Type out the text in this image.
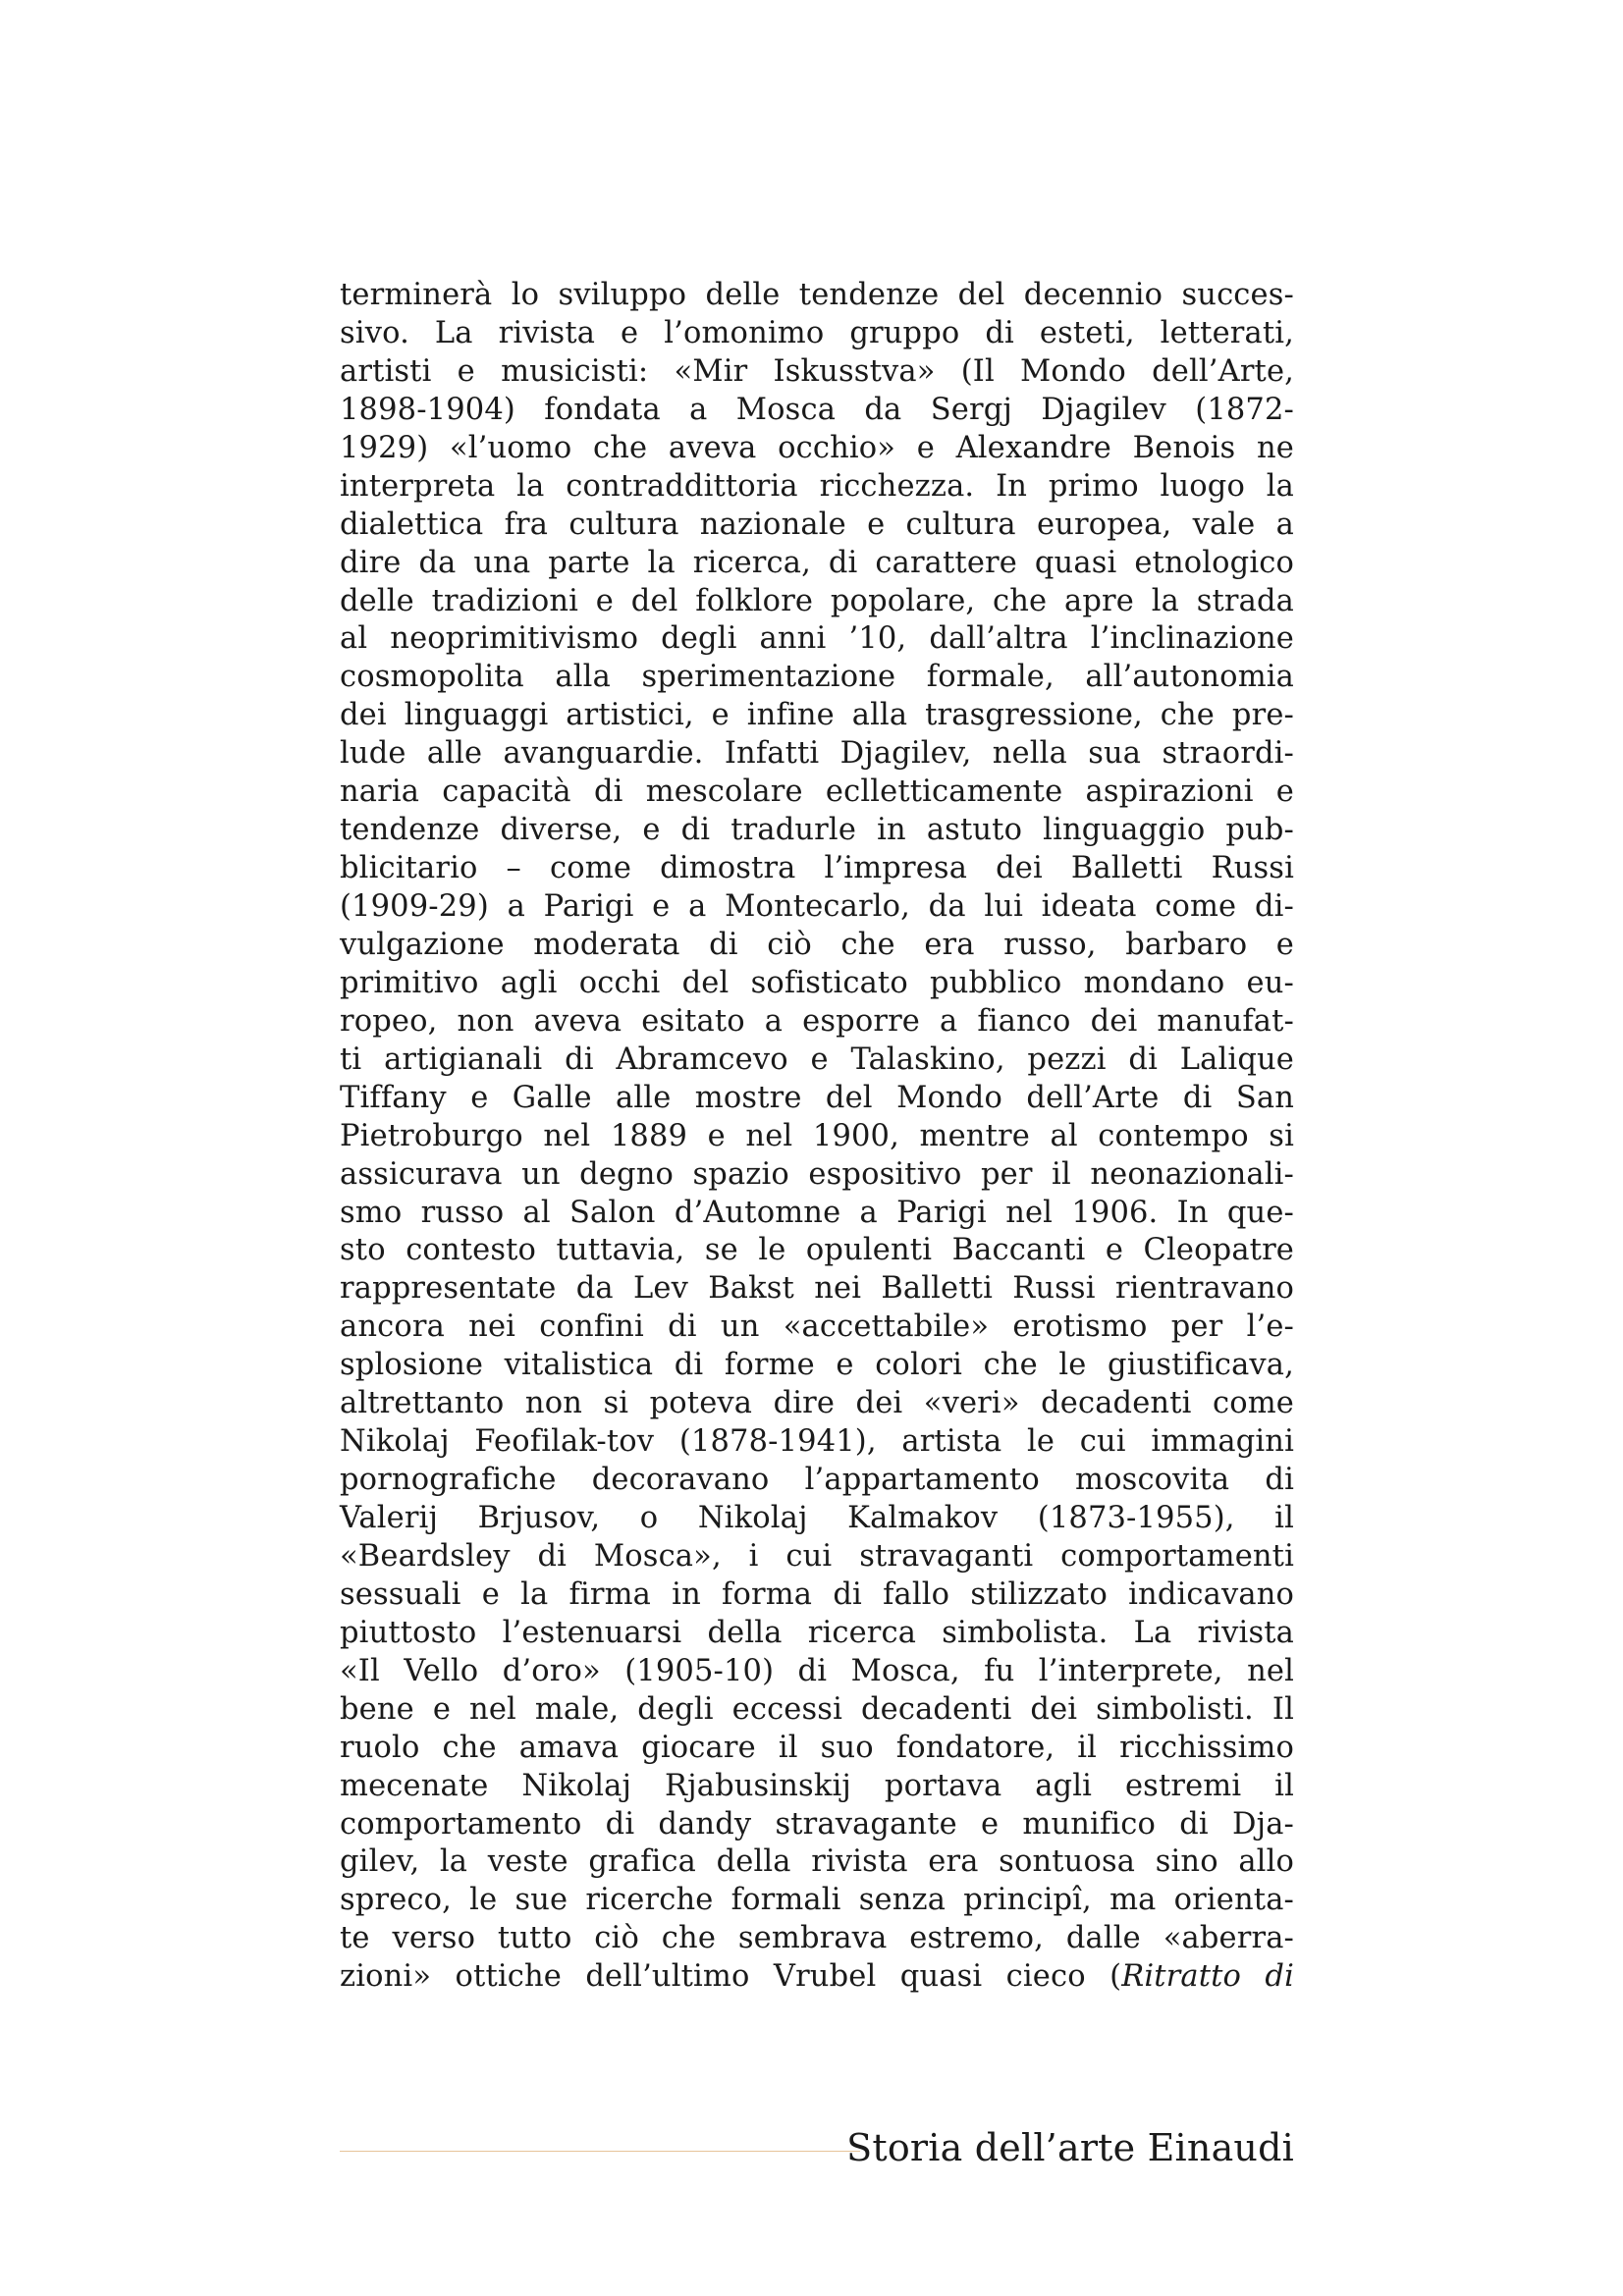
terminerà lo sviluppo delle tendenze del decennio succes-
sivo. La rivista e l’omonimo gruppo di esteti, letterati,
artisti e musicisti: «Mir Iskusstva» (Il Mondo dell’Arte,
1898-1904) fondata a Mosca da Sergj Djagilev (1872-
1929) «l’uomo che aveva occhio» e Alexandre Benois ne
interpreta la contraddittoria ricchezza. In primo luogo la
dialettica fra cultura nazionale e cultura europea, vale a
dire da una parte la ricerca, di carattere quasi etnologico
delle tradizioni e del folklore popolare, che apre la strada
al neoprimitivismo degli anni ’10, dall’altra l’inclinazione
cosmopolita alla sperimentazione formale, all’autonomia
dei linguaggi artistici, e infine alla trasgressione, che pre-
lude alle avanguardie. Infatti Djagilev, nella sua straordi-
naria capacità di mescolare eclletticamente aspirazioni e
tendenze diverse, e di tradurle in astuto linguaggio pub-
blicitario – come dimostra l’impresa dei Balletti Russi
(1909-29) a Parigi e a Montecarlo, da lui ideata come di-
vulgazione moderata di ciò che era russo, barbaro e
primitivo agli occhi del sofisticato pubblico mondano eu-
ropeo, non aveva esitato a esporre a fianco dei manufat-
ti artigianali di Abramcevo e Talaskino, pezzi di Lalique
Tiffany e Galle alle mostre del Mondo dell’Arte di San
Pietroburgo nel 1889 e nel 1900, mentre al contempo si
assicurava un degno spazio espositivo per il neonazionali-
smo russo al Salon d’Automne a Parigi nel 1906. In que-
sto contesto tuttavia, se le opulenti Baccanti e Cleopatre
rappresentate da Lev Bakst nei Balletti Russi rientravano
ancora nei confini di un «accettabile» erotismo per l’e-
splosione vitalistica di forme e colori che le giustificava,
altrettanto non si poteva dire dei «veri» decadenti come
Nikolaj Feofilak-tov (1878-1941), artista le cui immagini
pornografiche decoravano l’appartamento moscovita di
Valerij Brjusov, o Nikolaj Kalmakov (1873-1955), il
«Beardsley di Mosca», i cui stravaganti comportamenti
sessuali e la firma in forma di fallo stilizzato indicavano
piuttosto l’estenuarsi della ricerca simbolista. La rivista
«Il Vello d’oro» (1905-10) di Mosca, fu l’interprete, nel
bene e nel male, degli eccessi decadenti dei simbolisti. Il
ruolo che amava giocare il suo fondatore, il ricchissimo
mecenate Nikolaj Rjabusinskij portava agli estremi il
comportamento di dandy stravagante e munifico di Dja-
gilev, la veste grafica della rivista era sontuosa sino allo
spreco, le sue ricerche formali senza principî, ma orienta-
te verso tutto ciò che sembrava estremo, dalle «aberra-
zioni» ottiche dell’ultimo Vrubel quasi cieco (Ritratto di
Storia dell’arte Einaudi
